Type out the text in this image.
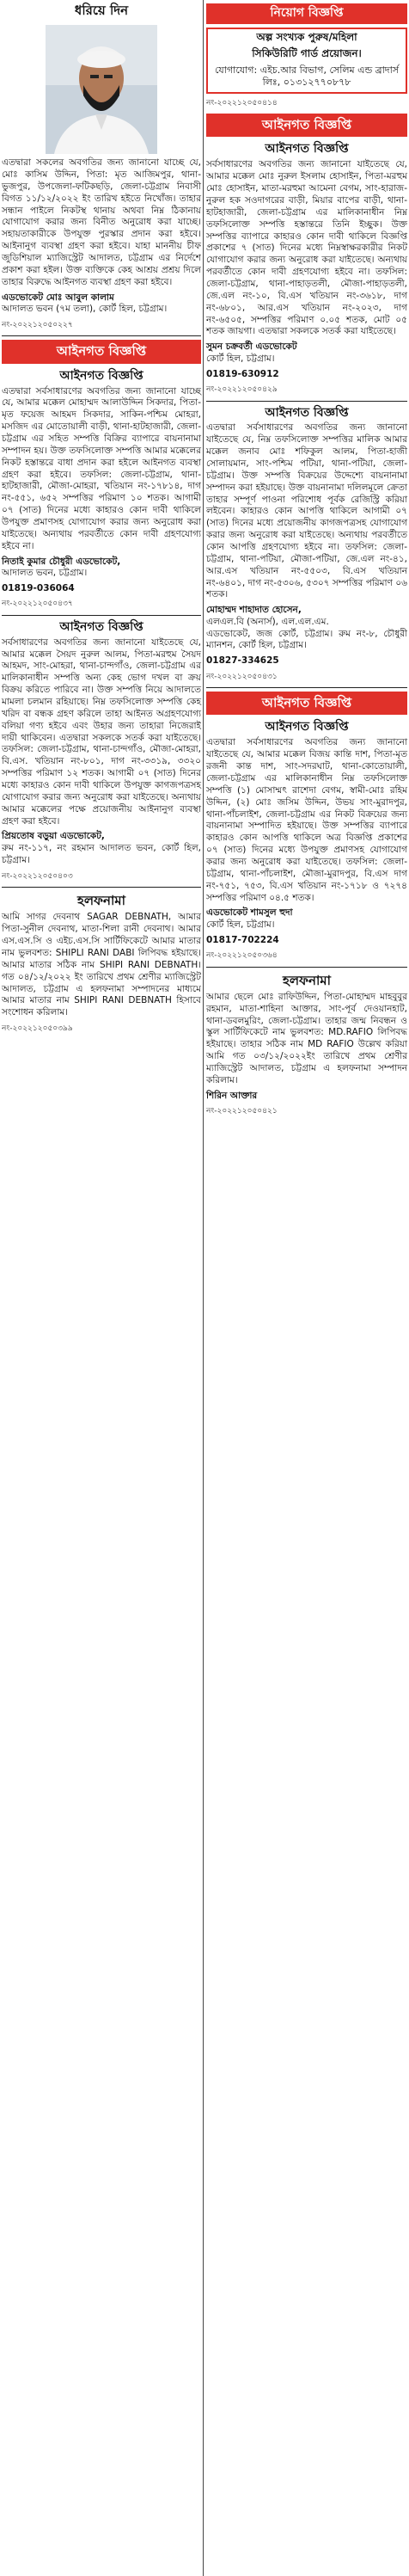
ধরিয়ে দিন
এতদ্বারা সকলের অবগতির জন্য জানানো যাচ্ছে যে, মোঃ কাসিম উদ্দিন, পিতা: মৃত আজিমপুর, থানা-ভুজপুর, উপজেলা-ফটিকছড়ি, জেলা-চট্টগ্রাম নিবাসী বিগত ১১/১২/২০২২ ইং তারিখ হইতে নিখোঁজ। তাহার সন্ধান পাইলে নিকটস্থ থানায় অথবা নিম্ন ঠিকানায় যোগাযোগ করার জন্য বিনীত অনুরোধ করা যাচ্ছে। সহায়তাকারীকে উপযুক্ত পুরস্কার প্রদান করা হইবে। আইনানুগ ব্যবস্থা গ্রহণ করা হইবে। যাহা মাননীয় চীফ জুডিশিয়াল ম্যাজিস্ট্রেট আদালত, চট্টগ্রাম এর নির্দেশে প্রকাশ করা হইল। উক্ত ব্যক্তিকে কেহ আশ্রয় প্রশ্রয় দিলে তাহার বিরুদ্ধে আইনগত ব্যবস্থা গ্রহণ করা হইবে।
এডভোকেট মোঃ আবুল কালাম
আদালত ভবন (৭ম তলা), কোর্ট হিল, চট্টগ্রাম।
নং-২০২২১২০৫০২২৭
আইনগত বিজ্ঞপ্তি
আইনগত বিজ্ঞপ্তি
এতদ্বারা সর্বসাধারণের অবগতির জন্য জানানো যাচ্ছে যে, আমার মক্কেল মোহাম্মদ আলাউদ্দিন সিকদার, পিতা-মৃত ফয়েজ আহমদ সিকদার, সাকিন-পশ্চিম মোহরা, মসজিদ এর মোতোয়ালী বাড়ী, থানা-হাটহাজারী, জেলা-চট্টগ্রাম এর সহিত সম্পত্তি বিক্রির ব্যাপারে বায়নানামা সম্পাদন হয়। উক্ত তফসিলোক্ত সম্পত্তি আমার মক্কেলের নিকট হস্তান্তরে বাধা প্রদান করা হইলে আইনগত ব্যবস্থা গ্রহণ করা হইবে। তফসিল: জেলা-চট্টগ্রাম, থানা-হাটহাজারী, মৌজা-মোহরা, খতিয়ান নং-১৭৮১৪, দাগ নং-৫৫১, ৬৫২ সম্পত্তির পরিমাণ ১০ শতক। আগামী ০৭ (সাত) দিনের মধ্যে কাহারও কোন দাবী থাকিলে উপযুক্ত প্রমাণসহ যোগাযোগ করার জন্য অনুরোধ করা যাইতেছে। অন্যথায় পরবর্তীতে কোন দাবী গ্রহণযোগ্য হইবে না।
নিতাই কুমার চৌধুরী এডভোকেট,
আদালত ভবন, চট্টগ্রাম।
01819-036064
নং-২০২২১২০৫০৪৩৭
আইনগত বিজ্ঞপ্তি
সর্বসাধারণের অবগতির জন্য জানানো যাইতেছে যে, আমার মক্কেল সৈয়দ নুরুল আলম, পিতা-মরহুম সৈয়দ আহমদ, সাং-মোহরা, থানা-চান্দগাঁও, জেলা-চট্টগ্রাম এর মালিকানাধীন সম্পত্তি অন্য কেহ ভোগ দখল বা ক্রয় বিক্রয় করিতে পারিবে না। উক্ত সম্পত্তি নিয়ে আদালতে মামলা চলমান রহিয়াছে। নিম্ন তফসিলোক্ত সম্পত্তি কেহ খরিদ বা বন্ধক গ্রহণ করিলে তাহা আইনত অগ্রহণযোগ্য বলিয়া গণ্য হইবে এবং উহার জন্য তাহারা নিজেরাই দায়ী থাকিবেন। এতদ্বারা সকলকে সতর্ক করা যাইতেছে। তফসিল: জেলা-চট্টগ্রাম, থানা-চান্দগাঁও, মৌজা-মোহরা, বি.এস. খতিয়ান নং-৮০১, দাগ নং-৩৩১৯, ৩৩২০ সম্পত্তির পরিমাণ ১২ শতক। আগামী ০৭ (সাত) দিনের মধ্যে কাহারও কোন দাবী থাকিলে উপযুক্ত কাগজপত্রসহ যোগাযোগ করার জন্য অনুরোধ করা যাইতেছে। অন্যথায় আমার মক্কেলের পক্ষে প্রয়োজনীয় আইনানুগ ব্যবস্থা গ্রহণ করা হইবে।
প্রিয়তোষ বড়ুয়া এডভোকেট,
রুম নং-১১৭, নং রহমান আদালত ভবন, কোর্ট হিল, চট্টগ্রাম।
নং-২০২২১২০৫০৪০৩
হলফনামা
আমি সাগর দেবনাথ SAGAR DEBNATH, আমার পিতা-সুনীল দেবনাথ, মাতা-শিলা রানী দেবনাথ। আমার এস.এস.সি ও এইচ.এস.সি সার্টিফিকেটে আমার মাতার নাম ভুলবশত: SHIPLI RANI DABI লিপিবদ্ধ হইয়াছে। আমার মাতার সঠিক নাম SHIPI RANI DEBNATH। গত ০৪/১২/২০২২ ইং তারিখে প্রথম শ্রেণীর ম্যাজিস্ট্রেট আদালত, চট্টগ্রাম এ হলফনামা সম্পাদনের মাধ্যমে আমার মাতার নাম SHIPI RANI DEBNATH হিসাবে সংশোধন করিলাম।
নং-২০২২১২০৫০৩৯৯
নিয়োগ বিজ্ঞপ্তি
অল্প সংখ্যক পুরুষ/মহিলা
সিকিউরিটি গার্ড প্রয়োজন।
যোগাযোগ: এইচ.আর বিভাগ, সেলিম এন্ড ব্রাদার্স লিঃ, ০১৩১২৭৭০৮৭৮
নং-২০২২১২০৫০৪১৪
আইনগত বিজ্ঞপ্তি
আইনগত বিজ্ঞপ্তি
সর্বসাধারণের অবগতির জন্য জানানো যাইতেছে যে, আমার মক্কেল মোঃ নুরুল ইসলাম হোসাইন, পিতা-মরহুম মোঃ হোসাইন, মাতা-মরহুমা আমেনা বেগম, সাং-হারাজ-নুরুল হক সওদাগরের বাড়ী, মিয়ার বাপের বাড়ী, থানা-হাটহাজারী, জেলা-চট্টগ্রাম এর মালিকানাধীন নিম্ন তফসিলোক্ত সম্পত্তি হস্তান্তরে তিনি ইচ্ছুক। উক্ত সম্পত্তির ব্যাপারে কাহারও কোন দাবী থাকিলে বিজ্ঞপ্তি প্রকাশের ৭ (সাত) দিনের মধ্যে নিম্নস্বাক্ষরকারীর নিকট যোগাযোগ করার জন্য অনুরোধ করা যাইতেছে। অন্যথায় পরবর্তীতে কোন দাবী গ্রহণযোগ্য হইবে না। তফসিল: জেলা-চট্টগ্রাম, থানা-পাহাড়তলী, মৌজা-পাহাড়তলী, জে.এল নং-১০, বি.এস খতিয়ান নং-৩৬১৮, দাগ নং-৬৮০১, আর.এস খতিয়ান নং-২০২৩, দাগ নং-৬৫০৫, সম্পত্তির পরিমাণ ০.০৫ শতক, মোট ০৫ শতক জায়গা। এতদ্বারা সকলকে সতর্ক করা যাইতেছে।
সুমন চক্রবর্তী এডভোকেট
কোর্ট হিল, চট্টগ্রাম।
01819-630912
নং-২০২২১২০৫০৪২৯
আইনগত বিজ্ঞপ্তি
এতদ্বারা সর্বসাধারণের অবগতির জন্য জানানো যাইতেছে যে, নিম্ন তফসিলোক্ত সম্পত্তির মালিক আমার মক্কেল জনাব মোঃ শফিকুল আলম, পিতা-হাজী সোলায়মান, সাং-পশ্চিম পটিয়া, থানা-পটিয়া, জেলা-চট্টগ্রাম। উক্ত সম্পত্তি বিক্রয়ের উদ্দেশ্যে বায়নানামা সম্পাদন করা হইয়াছে। উক্ত বায়নানামা দলিলমূলে ক্রেতা তাহার সম্পূর্ণ পাওনা পরিশোধ পূর্বক রেজিস্ট্রি করিয়া লইবেন। কাহারও কোন আপত্তি থাকিলে আগামী ০৭ (সাত) দিনের মধ্যে প্রয়োজনীয় কাগজপত্রসহ যোগাযোগ করার জন্য অনুরোধ করা যাইতেছে। অন্যথায় পরবর্তীতে কোন আপত্তি গ্রহণযোগ্য হইবে না। তফসিল: জেলা-চট্টগ্রাম, থানা-পটিয়া, মৌজা-পটিয়া, জে.এল নং-৪১, আর.এস খতিয়ান নং-৫৫০৩, বি.এস খতিয়ান নং-৬৪০১, দাগ নং-৫৩০৬, ৫৩০৭ সম্পত্তির পরিমাণ ০৬ শতক।
মোহাম্মদ শাহাদাত হোসেন,
এলএল.বি (অনার্স), এল.এল.এম.
এডভোকেট, জজ কোর্ট, চট্টগ্রাম। রুম নং-৮, চৌধুরী ম্যানশন, কোর্ট হিল, চট্টগ্রাম।
01827-334625
নং-২০২২১২০৫০৪৩১
আইনগত বিজ্ঞপ্তি
আইনগত বিজ্ঞপ্তি
এতদ্বারা সর্বসাধারণের অবগতির জন্য জানানো যাইতেছে যে, আমার মক্কেল বিজয় কান্তি দাশ, পিতা-মৃত রজনী কান্ত দাশ, সাং-সদরঘাট, থানা-কোতোয়ালী, জেলা-চট্টগ্রাম এর মালিকানাধীন নিম্ন তফসিলোক্ত সম্পত্তি (১) মোসাম্মৎ রাশেদা বেগম, স্বামী-মোঃ রহিম উদ্দিন, (২) মোঃ জসিম উদ্দিন, উভয় সাং-মুরাদপুর, থানা-পাঁচলাইশ, জেলা-চট্টগ্রাম এর নিকট বিক্রয়ের জন্য বায়নানামা সম্পাদিত হইয়াছে। উক্ত সম্পত্তির ব্যাপারে কাহারও কোন আপত্তি থাকিলে অত্র বিজ্ঞপ্তি প্রকাশের ০৭ (সাত) দিনের মধ্যে উপযুক্ত প্রমাণসহ যোগাযোগ করার জন্য অনুরোধ করা যাইতেছে। তফসিল: জেলা-চট্টগ্রাম, থানা-পাঁচলাইশ, মৌজা-মুরাদপুর, বি.এস দাগ নং-৭৫১, ৭৫৩, বি.এস খতিয়ান নং-১৭১৮ ও ৭২৭৪ সম্পত্তির পরিমাণ ০৪.৫ শতক।
এডভোকেট শামসুল হুদা
কোর্ট হিল, চট্টগ্রাম।
01817-702224
নং-২০২২১২০৫০৩৬৪
হলফনামা
আমার ছেলে মোঃ রাফিউদ্দিন, পিতা-মোহাম্মদ মাহবুবুর রহমান, মাতা-শাহিনা আক্তার, সাং-পূর্ব দেওয়ানহাট, থানা-ডবলমুরিং, জেলা-চট্টগ্রাম। তাহার জন্ম নিবন্ধন ও স্কুল সার্টিফিকেটে নাম ভুলবশত: MD.RAFIO লিপিবদ্ধ হইয়াছে। তাহার সঠিক নাম MD RAFIO উল্লেখ করিয়া আমি গত ০৩/১২/২০২২ইং তারিখে প্রথম শ্রেণীর ম্যাজিস্ট্রেট আদালত, চট্টগ্রাম এ হলফনামা সম্পাদন করিলাম।
শিরিন আক্তার
নং-২০২২১২০৫০৪২১
